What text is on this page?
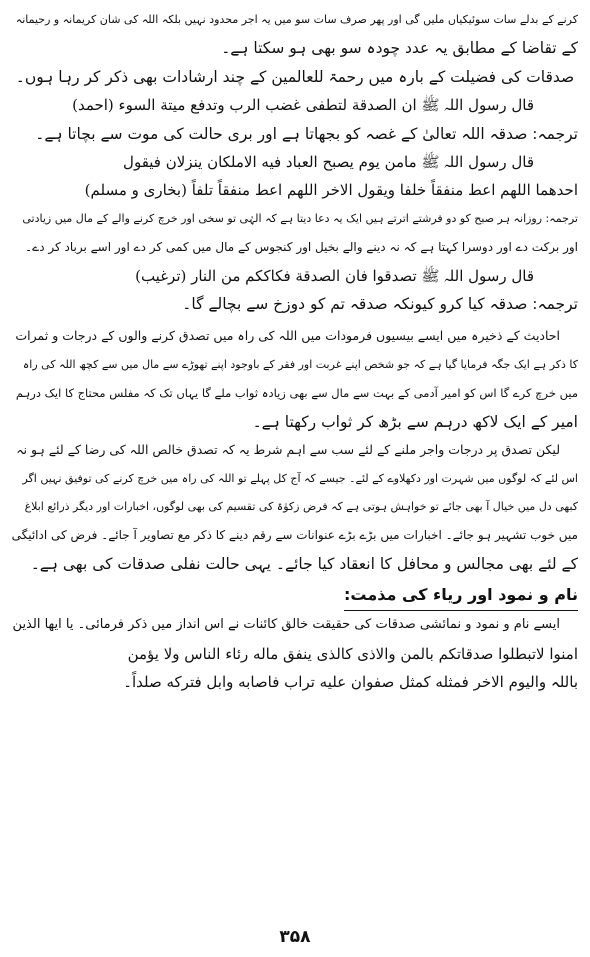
کرنے کے بدلے سات سوئیکیاں ملیں گی اور پھر صرف سات سو میں یہ اجر محدود نہیں بلکہ اللہ کی شان کریمانہ و رحیمانہ
کے تقاضا کے مطابق یہ عدد چودہ سو بھی ہو سکتا ہے۔
صدقات کی فضیلت کے بارہ میں رحمۃ للعالمین کے چند ارشادات بھی ذکر کر رہا ہوں۔
قال رسول اللہ ﷺ ان الصدقة لتطفی غضب الرب وتدفع میتة السوء (احمد)
ترجمہ: صدقہ اللہ تعالیٰ کے غصہ کو بجھاتا ہے اور بری حالت کی موت سے بچاتا ہے۔
قال رسول اللہ ﷺ مامن یوم یصبح العباد فیه الاملکان ینزلان فیقول
احدھما اللھم اعط منفقاً خلفا ویقول الاخر اللھم اعط منفقاً تلفاً (بخاری و مسلم)
ترجمہ: روزانہ ہر صبح کو دو فرشتے اترتے ہیں ایک یہ دعا دیتا ہے کہ الہٰی تو سخی اور خرچ کرنے والے کے مال میں زیادتی
اور برکت دے اور دوسرا کہتا ہے کہ نہ دینے والے بخیل اور کنجوس کے مال میں کمی کر دے اور اسے برباد کر دے۔
قال رسول اللہ ﷺ تصدقوا فان الصدقة فکاککم من النار (ترغیب)
ترجمہ: صدقہ کیا کرو کیونکہ صدقہ تم کو دوزخ سے بچالے گا۔
احادیث کے ذخیرہ میں ایسے بیسیوں فرمودات میں اللہ کی راہ میں تصدق کرنے والوں کے درجات و ثمرات
کا ذکر ہے ایک جگہ فرمایا گیا ہے کہ جو شخص اپنے غربت اور فقر کے باوجود اپنے تھوڑے سے مال میں سے کچھ اللہ کی راہ
میں خرچ کرے گا اس کو امیر آدمی کے بہت سے مال سے بھی زیادہ ثواب ملے گا یہاں تک کہ مفلس محتاج کا ایک درہم
امیر کے ایک لاکھ درہم سے بڑھ کر ثواب رکھتا ہے۔
لیکن تصدق پر درجات واجر ملنے کے لئے سب سے اہم شرط یہ کہ تصدق خالص اللہ کی رضا کے لئے ہو نہ
اس لئے کہ لوگوں میں شہرت اور دکھلاوے کے لئے۔ جیسے کہ آج کل پہلے تو اللہ کی راہ میں خرچ کرنے کی توفیق نہیں اگر
کبھی دل میں خیال آ بھی جائے تو خواہش ہوتی ہے کہ فرض زکوٰۃ کی تقسیم کی بھی لوگوں، اخبارات اور دیگر ذرائع ابلاغ
میں خوب تشہیر ہو جائے۔ اخبارات میں بڑے بڑے عنوانات سے رقم دینے کا ذکر مع تصاویر آ جائے۔ فرض کی ادائیگی
کے لئے بھی مجالس و محافل کا انعقاد کیا جائے۔ یہی حالت نفلی صدقات کی بھی ہے۔
نام و نمود اور ریاء کی مذمت:
ایسے نام و نمود و نمائشی صدقات کی حقیقت خالق کائنات نے اس انداز میں ذکر فرمائی۔ یا ایھا الذین
امنوا لاتبطلوا صدقاتکم بالمن والاذی کالذی ینفق ماله رئاء الناس ولا یؤمن
باللہ والیوم الاخر فمثله کمثل صفوان علیه تراب فاصابه وابل فترکه صلداً۔
۳۵۸
